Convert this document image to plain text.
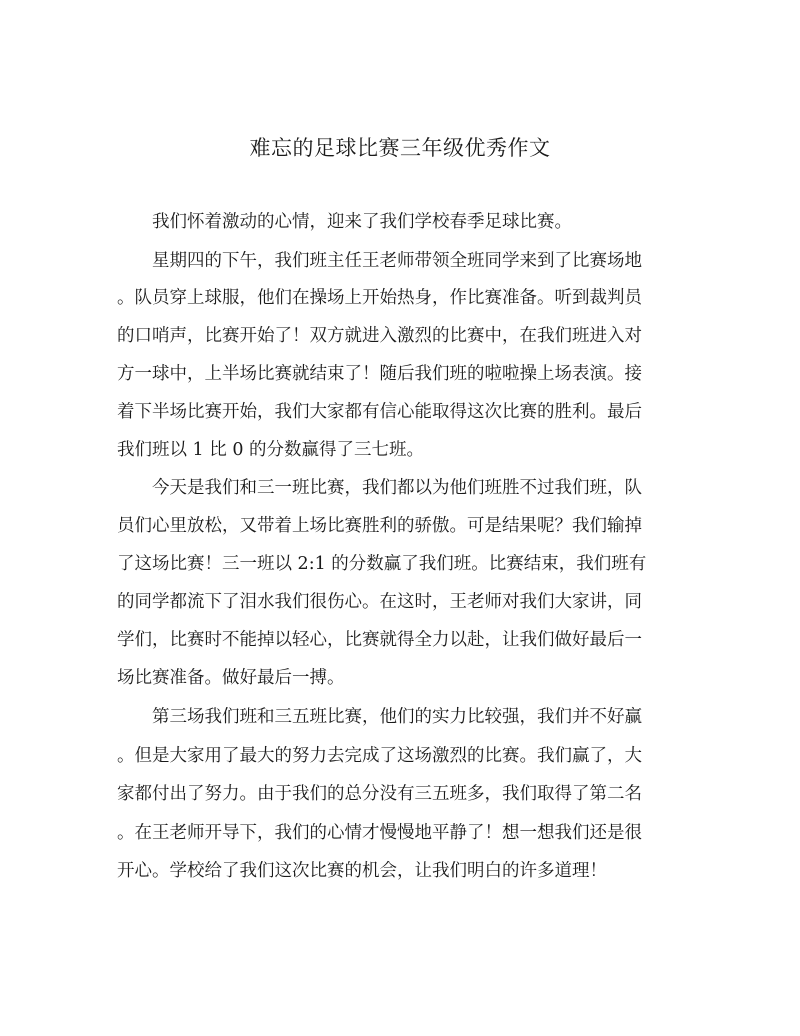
难忘的足球比赛三年级优秀作文
　　我们怀着激动的心情，迎来了我们学校春季足球比赛。
　　星期四的下午，我们班主任王老师带领全班同学来到了比赛场地
。队员穿上球服，他们在操场上开始热身，作比赛准备。听到裁判员
的口哨声，比赛开始了！双方就进入激烈的比赛中，在我们班进入对
方一球中，上半场比赛就结束了！随后我们班的啦啦操上场表演。接
着下半场比赛开始，我们大家都有信心能取得这次比赛的胜利。最后
我们班以 1 比 0 的分数赢得了三七班。
　　今天是我们和三一班比赛，我们都以为他们班胜不过我们班，队
员们心里放松，又带着上场比赛胜利的骄傲。可是结果呢？我们输掉
了这场比赛！三一班以 2:1 的分数赢了我们班。比赛结束，我们班有
的同学都流下了泪水我们很伤心。在这时，王老师对我们大家讲，同
学们，比赛时不能掉以轻心，比赛就得全力以赴，让我们做好最后一
场比赛准备。做好最后一搏。
　　第三场我们班和三五班比赛，他们的实力比较强，我们并不好赢
。但是大家用了最大的努力去完成了这场激烈的比赛。我们赢了，大
家都付出了努力。由于我们的总分没有三五班多，我们取得了第二名
。在王老师开导下，我们的心情才慢慢地平静了！想一想我们还是很
开心。学校给了我们这次比赛的机会，让我们明白的许多道理！
